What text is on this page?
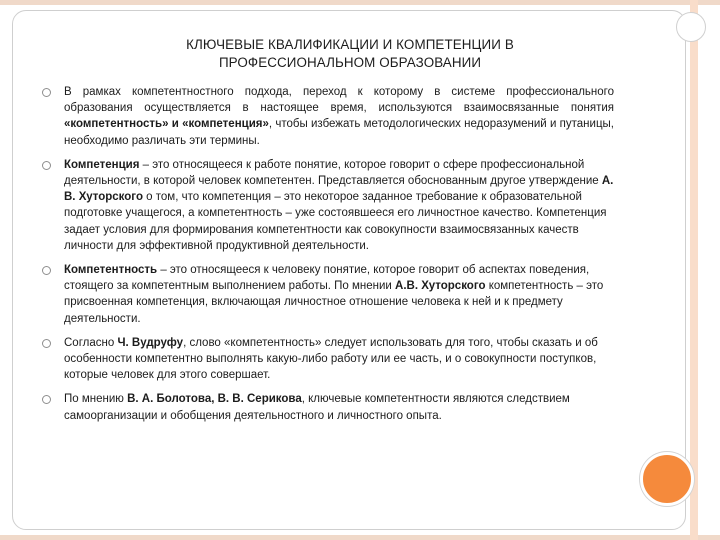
КЛЮЧЕВЫЕ КВАЛИФИКАЦИИ И КОМПЕТЕНЦИИ В
ПРОФЕССИОНАЛЬНОМ ОБРАЗОВАНИИ
В рамках компетентностного подхода, переход к которому в системе профессионального образования осуществляется в настоящее время, используются взаимосвязанные понятия «компетентность» и «компетенция», чтобы избежать методологических недоразумений и путаницы, необходимо различать эти термины.
Компетенция – это относящееся к работе понятие, которое говорит о сфере профессиональной деятельности, в которой человек компетентен. Представляется обоснованным другое утверждение А. В. Хуторского о том, что компетенция – это некоторое заданное требование к образовательной подготовке учащегося, а компетентность – уже состоявшееся его личностное качество. Компетенция задает условия для формирования компетентности как совокупности взаимосвязанных качеств личности для эффективной продуктивной деятельности.
Компетентность – это относящееся к человеку понятие, которое говорит об аспектах поведения, стоящего за компетентным выполнением работы. По мнении А.В. Хуторского компетентность – это присвоенная компетенция, включающая личностное отношение человека к ней и к предмету деятельности.
Согласно Ч. Вудруфу, слово «компетентность» следует использовать для того, чтобы сказать и об особенности компетентно выполнять какую-либо работу или ее часть, и о совокупности поступков, которые человек для этого совершает.
По мнению В. А. Болотова, В. В. Серикова, ключевые компетентности являются следствием самоорганизации и обобщения деятельностного и личностного опыта.
